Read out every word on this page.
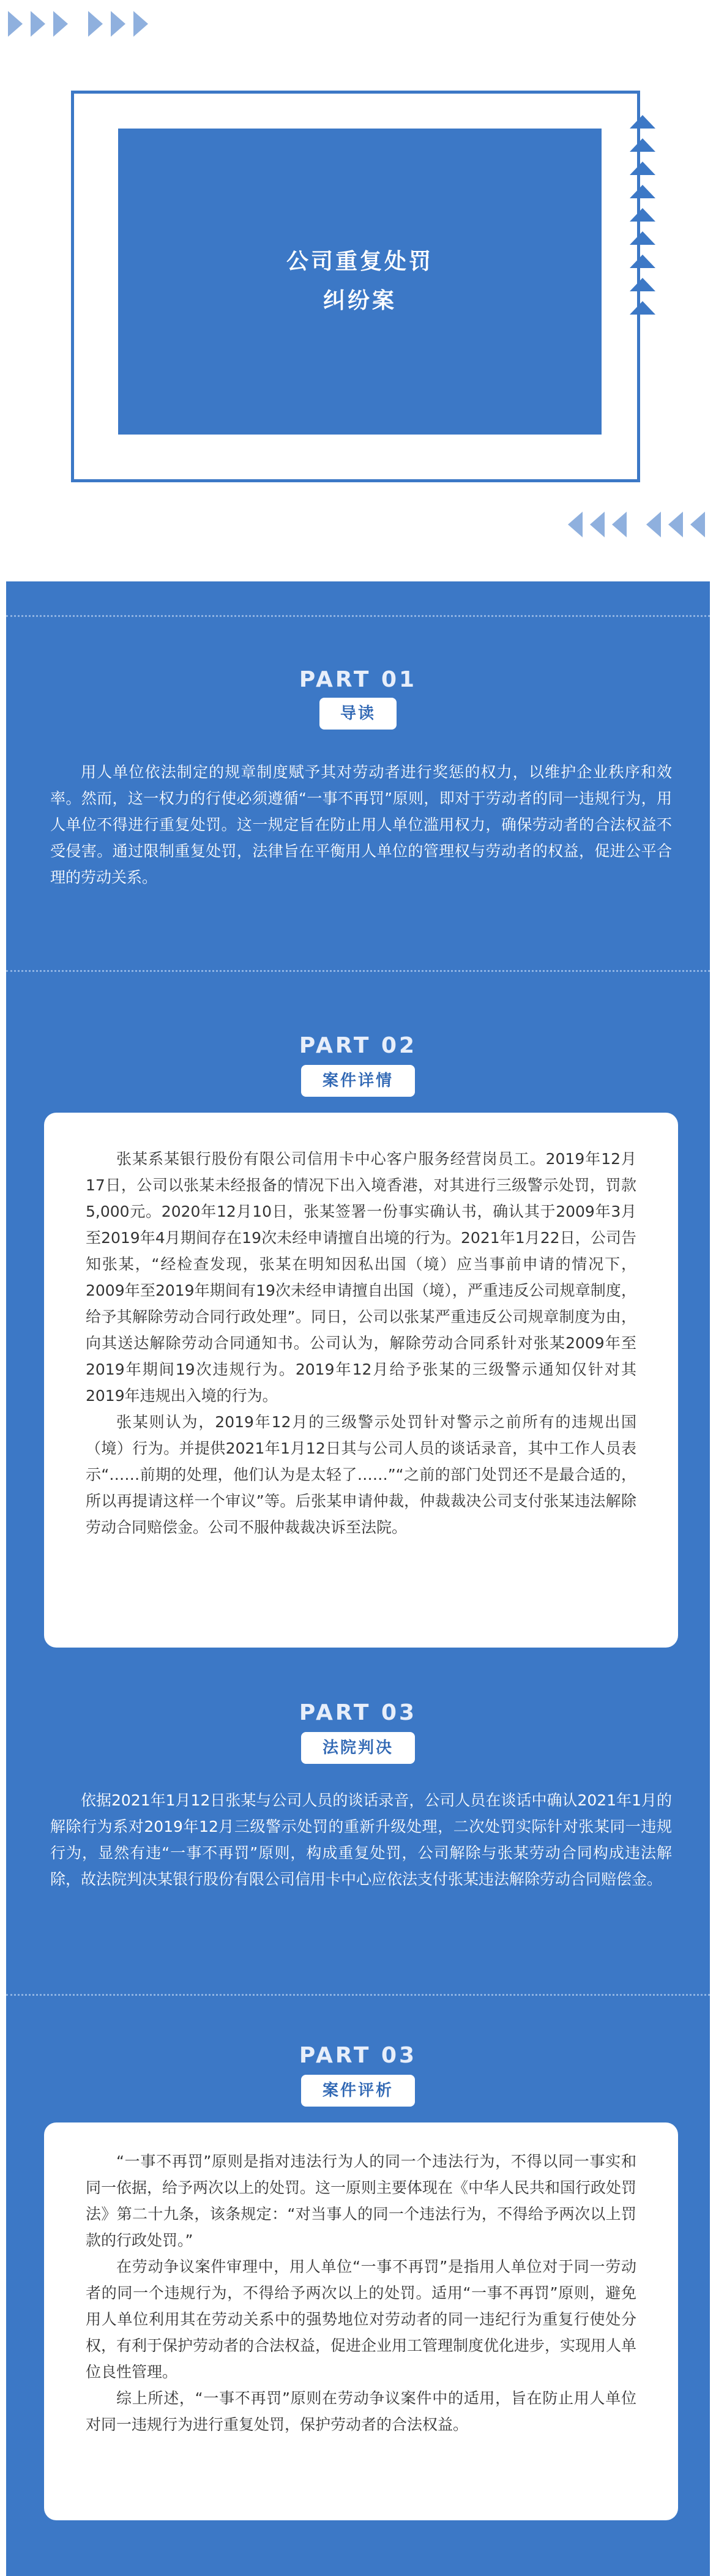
公司重复处罚
纠纷案
PART 01
导读

用人单位依法制定的规章制度赋予其对劳动者进行奖惩的权力，以维护企业秩序和效率。然而，这一权力的行使必须遵循“一事不再罚”原则，即对于劳动者的同一违规行为，用人单位不得进行重复处罚。这一规定旨在防止用人单位滥用权力，确保劳动者的合法权益不受侵害。通过限制重复处罚，法律旨在平衡用人单位的管理权与劳动者的权益，促进公平合理的劳动关系。

PART 02
案件详情

张某系某银行股份有限公司信用卡中心客户服务经营岗员工。2019年12月17日，公司以张某未经报备的情况下出入境香港，对其进行三级警示处罚，罚款5,000元。2020年12月10日，张某签署一份事实确认书，确认其于2009年3月至2019年4月期间存在19次未经申请擅自出境的行为。2021年1月22日，公司告知张某，“经检查发现，张某在明知因私出国（境）应当事前申请的情况下，2009年至2019年期间有19次未经申请擅自出国（境），严重违反公司规章制度，给予其解除劳动合同行政处理”。同日，公司以张某严重违反公司规章制度为由，向其送达解除劳动合同通知书。公司认为，解除劳动合同系针对张某2009年至2019年期间19次违规行为。2019年12月给予张某的三级警示通知仅针对其2019年违规出入境的行为。

张某则认为，2019年12月的三级警示处罚针对警示之前所有的违规出国（境）行为。并提供2021年1月12日其与公司人员的谈话录音，其中工作人员表示“……前期的处理，他们认为是太轻了……”“之前的部门处罚还不是最合适的，所以再提请这样一个审议”等。后张某申请仲裁，仲裁裁决公司支付张某违法解除劳动合同赔偿金。公司不服仲裁裁决诉至法院。

PART 03
法院判决

依据2021年1月12日张某与公司人员的谈话录音，公司人员在谈话中确认2021年1月的解除行为系对2019年12月三级警示处罚的重新升级处理，二次处罚实际针对张某同一违规行为，显然有违“一事不再罚”原则，构成重复处罚，公司解除与张某劳动合同构成违法解除，故法院判决某银行股份有限公司信用卡中心应依法支付张某违法解除劳动合同赔偿金。

PART 03
案件评析

“一事不再罚”原则是指对违法行为人的同一个违法行为，不得以同一事实和同一依据，给予两次以上的处罚。这一原则主要体现在《中华人民共和国行政处罚法》第二十九条，该条规定：“对当事人的同一个违法行为，不得给予两次以上罚款的行政处罚。”

在劳动争议案件审理中，用人单位“一事不再罚”是指用人单位对于同一劳动者的同一个违规行为，不得给予两次以上的处罚。适用“一事不再罚”原则，避免用人单位利用其在劳动关系中的强势地位对劳动者的同一违纪行为重复行使处分权，有利于保护劳动者的合法权益，促进企业用工管理制度优化进步，实现用人单位良性管理。

综上所述，“一事不再罚”原则在劳动争议案件中的适用，旨在防止用人单位对同一违规行为进行重复处罚，保护劳动者的合法权益。
